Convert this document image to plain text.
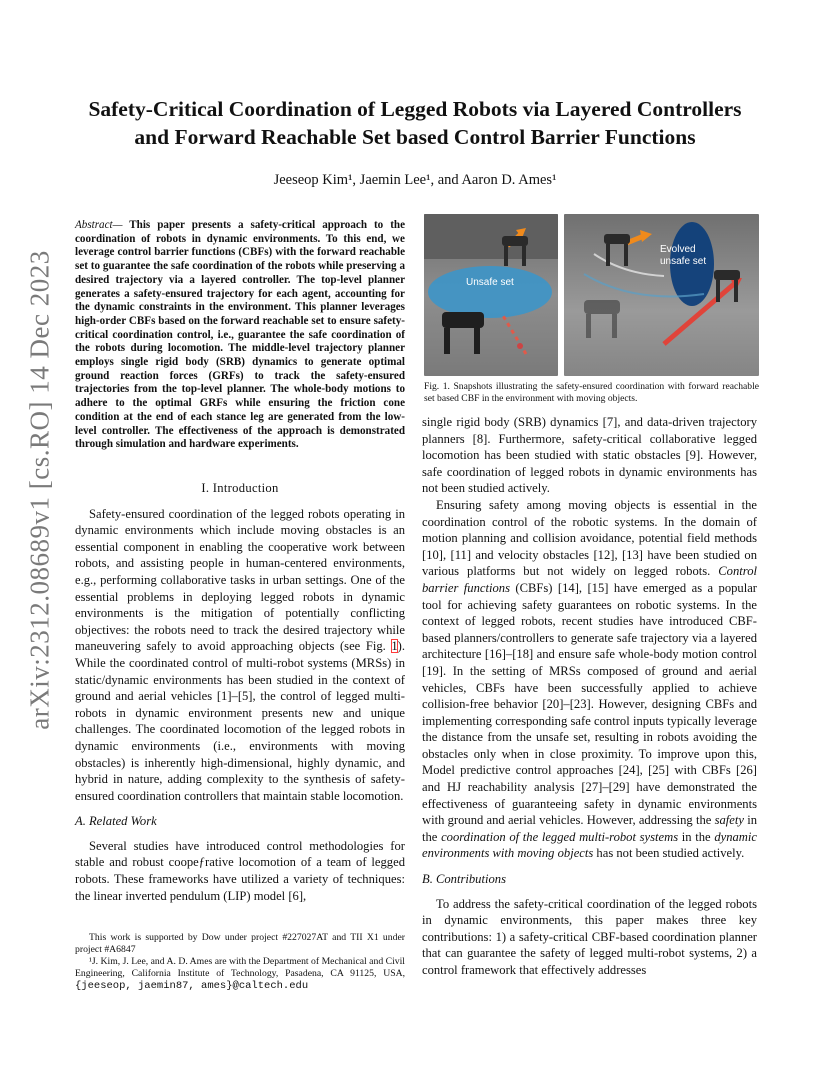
arXiv:2312.08689v1 [cs.RO] 14 Dec 2023
Safety-Critical Coordination of Legged Robots via Layered Controllers
and Forward Reachable Set based Control Barrier Functions
Jeeseop Kim¹, Jaemin Lee¹, and Aaron D. Ames¹
Abstract— This paper presents a safety-critical approach to the coordination of robots in dynamic environments. To this end, we leverage control barrier functions (CBFs) with the forward reachable set to guarantee the safe coordination of the robots while preserving a desired trajectory via a layered controller. The top-level planner generates a safety-ensured trajectory for each agent, accounting for the dynamic constraints in the environment. This planner leverages high-order CBFs based on the forward reachable set to ensure safety-critical coordination control, i.e., guarantee the safe coordination of the robots during locomotion. The middle-level trajectory planner employs single rigid body (SRB) dynamics to generate optimal ground reaction forces (GRFs) to track the safety-ensured trajectories from the top-level planner. The whole-body motions to adhere to the optimal GRFs while ensuring the friction cone condition at the end of each stance leg are generated from the low-level controller. The effectiveness of the approach is demonstrated through simulation and hardware experiments.
I. Introduction

Safety-ensured coordination of the legged robots operating in dynamic environments which include moving obstacles is an essential component in enabling the cooperative work between robots, and assisting people in human-centered environments, e.g., performing collaborative tasks in urban settings. One of the essential problems in deploying legged robots in dynamic environments is the mitigation of potentially conflicting objectives: the robots need to track the desired trajectory while maneuvering safely to avoid approaching objects (see Fig. 1). While the coordinated control of multi-robot systems (MRSs) in static/dynamic environments has been studied in the context of ground and aerial vehicles [1]–[5], the control of legged multi-robots in dynamic environment presents new and unique challenges. The coordinated locomotion of the legged robots in dynamic environments (i.e., environments with moving obstacles) is inherently high-dimensional, highly dynamic, and hybrid in nature, adding complexity to the synthesis of safety-ensured coordination controllers that maintain stable locomotion.

A. Related Work

Several studies have introduced control methodologies for stable and robust coopeƒrative locomotion of a team of legged robots. These frameworks have utilized a variety of techniques: the linear inverted pendulum (LIP) model [6],

This work is supported by Dow under project #227027AT and TII X1 under project #A6847

¹J. Kim, J. Lee, and A. D. Ames are with the Department of Mechanical and Civil Engineering, California Institute of Technology, Pasadena, CA 91125, USA, {jeeseop, jaemin87, ames}@caltech.edu

Unsafe set
Evolved
unsafe set
Fig. 1. Snapshots illustrating the safety-ensured coordination with forward reachable set based CBF in the environment with moving objects.

single rigid body (SRB) dynamics [7], and data-driven trajectory planners [8]. Furthermore, safety-critical collaborative legged locomotion has been studied with static obstacles [9]. However, safe coordination of legged robots in dynamic environments has not been studied actively.

Ensuring safety among moving objects is essential in the coordination control of the robotic systems. In the domain of motion planning and collision avoidance, potential field methods [10], [11] and velocity obstacles [12], [13] have been studied on various platforms but not widely on legged robots. Control barrier functions (CBFs) [14], [15] have emerged as a popular tool for achieving safety guarantees on robotic systems. In the context of legged robots, recent studies have introduced CBF-based planners/controllers to generate safe trajectory via a layered architecture [16]–[18] and ensure safe whole-body motion control [19]. In the setting of MRSs composed of ground and aerial vehicles, CBFs have been successfully applied to achieve collision-free behavior [20]–[23]. However, designing CBFs and implementing corresponding safe control inputs typically leverage the distance from the unsafe set, resulting in robots avoiding the obstacles only when in close proximity. To improve upon this, Model predictive control approaches [24], [25] with CBFs [26] and HJ reachability analysis [27]–[29] have demonstrated the effectiveness of guaranteeing safety in dynamic environments with ground and aerial vehicles. However, addressing the safety in the coordination of the legged multi-robot systems in the dynamic environments with moving objects has not been studied actively.

B. Contributions

To address the safety-critical coordination of the legged robots in dynamic environments, this paper makes three key contributions: 1) a safety-critical CBF-based coordination planner that can guarantee the safety of legged multi-robot systems, 2) a control framework that effectively addresses
